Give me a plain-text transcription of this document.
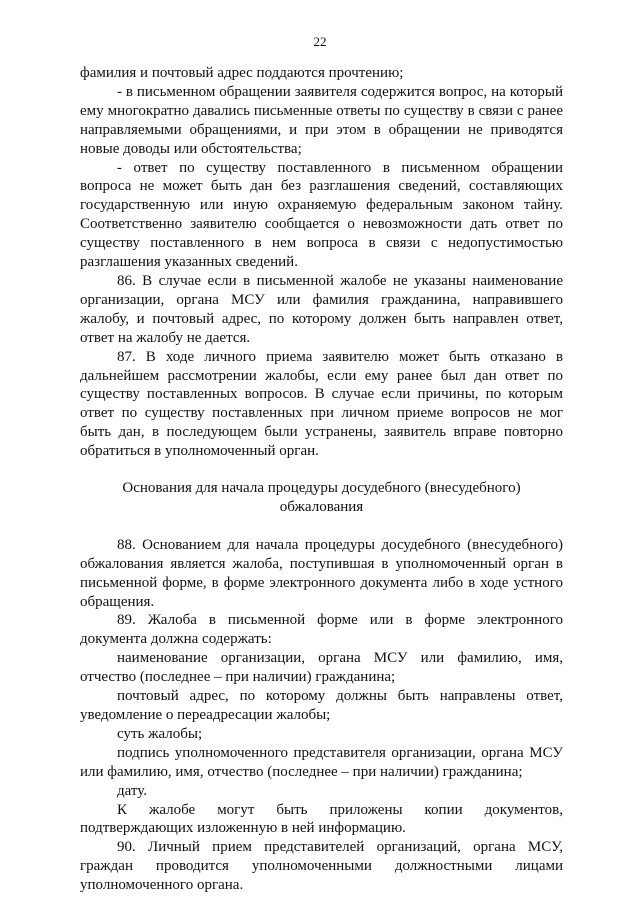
22

фамилия и почтовый адрес поддаются прочтению;

- в письменном обращении заявителя содержится вопрос, на который ему многократно давались письменные ответы по существу в связи с ранее направляемыми обращениями, и при этом в обращении не приводятся новые доводы или обстоятельства;

- ответ по существу поставленного в письменном обращении вопроса не может быть дан без разглашения сведений, составляющих государственную или иную охраняемую федеральным законом тайну. Соответственно заявителю сообщается о невозможности дать ответ по существу поставленного в нем вопроса в связи с недопустимостью разглашения указанных сведений.

86. В случае если в письменной жалобе не указаны наименование организации, органа МСУ или фамилия гражданина, направившего жалобу, и почтовый адрес, по которому должен быть направлен ответ, ответ на жалобу не дается.

87. В ходе личного приема заявителю может быть отказано в дальнейшем рассмотрении жалобы, если ему ранее был дан ответ по существу поставленных вопросов. В случае если причины, по которым ответ по существу поставленных при личном приеме вопросов не мог быть дан, в последующем были устранены, заявитель вправе повторно обратиться в уполномоченный орган.

Основания для начала процедуры досудебного (внесудебного)
обжалования

88. Основанием для начала процедуры досудебного (внесудебного) обжалования является жалоба, поступившая в уполномоченный орган в письменной форме, в форме электронного документа либо в ходе устного обращения.

89. Жалоба в письменной форме или в форме электронного документа должна содержать:

наименование организации, органа МСУ или фамилию, имя, отчество (последнее – при наличии) гражданина;

почтовый адрес, по которому должны быть направлены ответ, уведомление о переадресации жалобы;

суть жалобы;

подпись уполномоченного представителя организации, органа МСУ или фамилию, имя, отчество (последнее – при наличии) гражданина;

дату.

К жалобе могут быть приложены копии документов, подтверждающих изложенную в ней информацию.

90. Личный прием представителей организаций, органа МСУ, граждан проводится уполномоченными должностными лицами уполномоченного органа.
